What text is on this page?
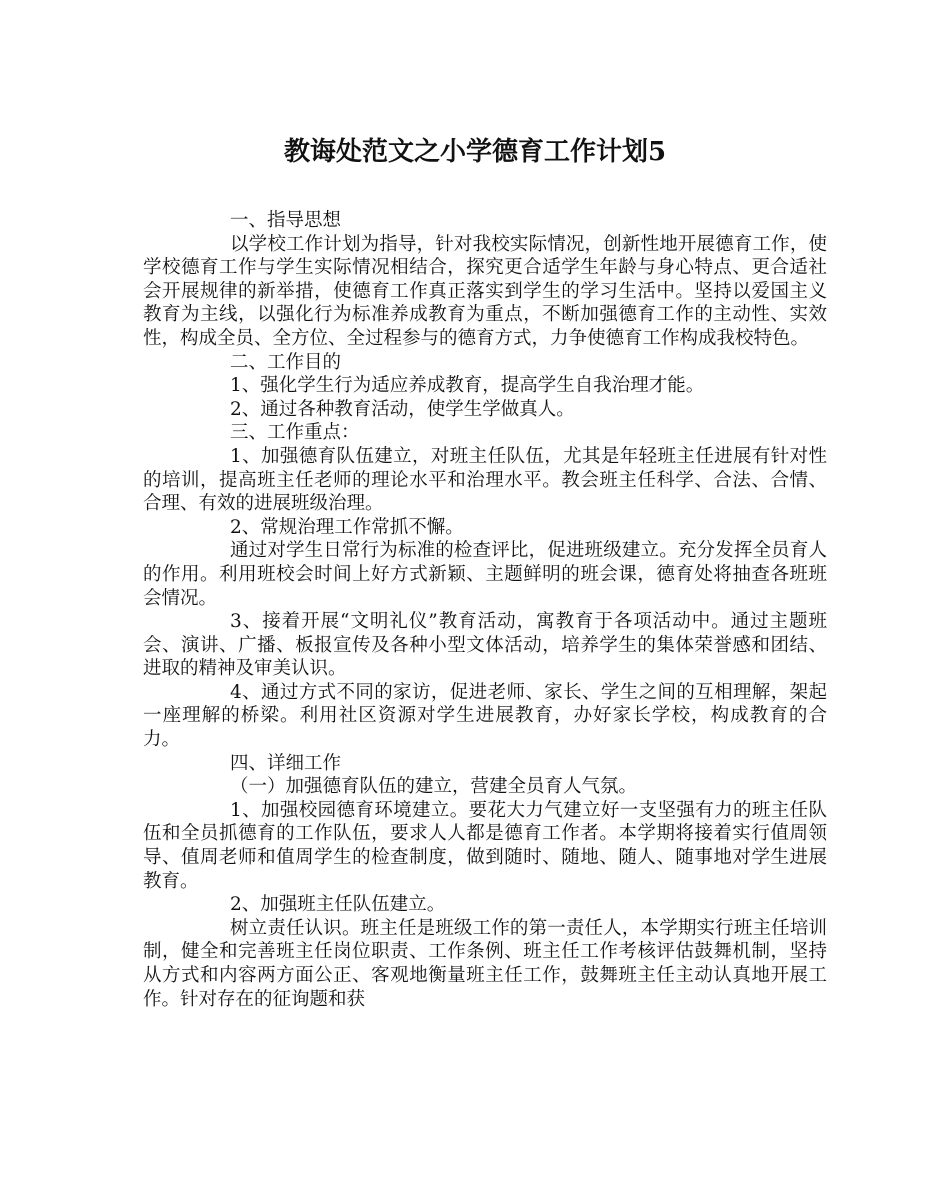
教诲处范文之小学德育工作计划5

一、指导思想

以学校工作计划为指导，针对我校实际情况，创新性地开展德育工作，使学校德育工作与学生实际情况相结合，探究更合适学生年龄与身心特点、更合适社会开展规律的新举措，使德育工作真正落实到学生的学习生活中。坚持以爱国主义教育为主线，以强化行为标准养成教育为重点，不断加强德育工作的主动性、实效性，构成全员、全方位、全过程参与的德育方式，力争使德育工作构成我校特色。

二、工作目的

1、强化学生行为适应养成教育，提高学生自我治理才能。

2、通过各种教育活动，使学生学做真人。

三、工作重点：

1、加强德育队伍建立，对班主任队伍，尤其是年轻班主任进展有针对性的培训，提高班主任老师的理论水平和治理水平。教会班主任科学、合法、合情、合理、有效的进展班级治理。

2、常规治理工作常抓不懈。

通过对学生日常行为标准的检查评比，促进班级建立。充分发挥全员育人的作用。利用班校会时间上好方式新颖、主题鲜明的班会课，德育处将抽查各班班会情况。

3、接着开展“文明礼仪”教育活动，寓教育于各项活动中。通过主题班会、演讲、广播、板报宣传及各种小型文体活动，培养学生的集体荣誉感和团结、进取的精神及审美认识。

4、通过方式不同的家访，促进老师、家长、学生之间的互相理解，架起一座理解的桥梁。利用社区资源对学生进展教育，办好家长学校，构成教育的合力。

四、详细工作

（一）加强德育队伍的建立，营建全员育人气氛。

1、加强校园德育环境建立。要花大力气建立好一支坚强有力的班主任队伍和全员抓德育的工作队伍，要求人人都是德育工作者。本学期将接着实行值周领导、值周老师和值周学生的检查制度，做到随时、随地、随人、随事地对学生进展教育。

2、加强班主任队伍建立。

树立责任认识。班主任是班级工作的第一责任人，本学期实行班主任培训制，健全和完善班主任岗位职责、工作条例、班主任工作考核评估鼓舞机制，坚持从方式和内容两方面公正、客观地衡量班主任工作，鼓舞班主任主动认真地开展工作。针对存在的征询题和获
